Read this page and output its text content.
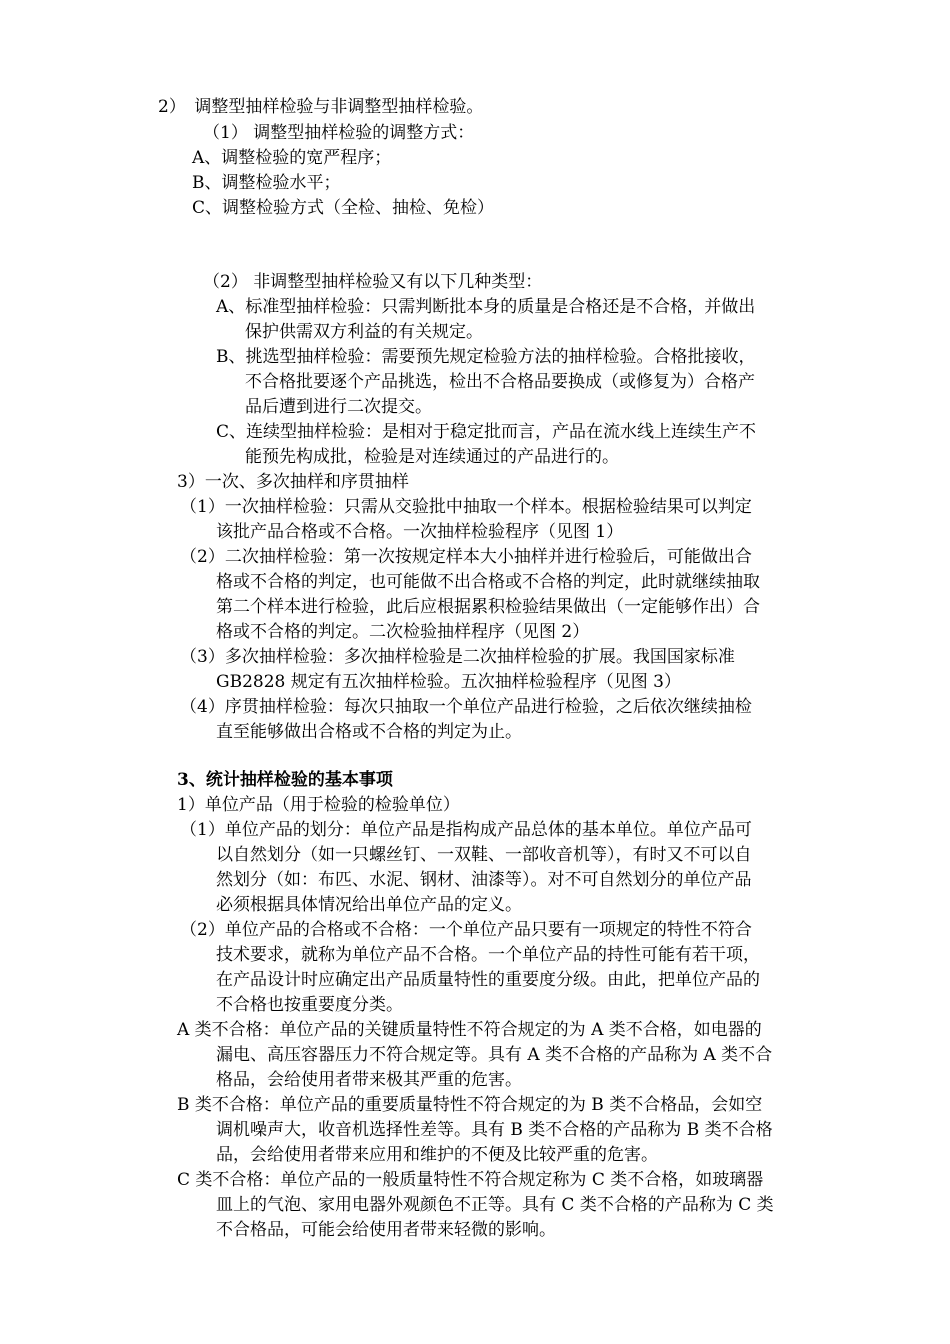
2）　调整型抽样检验与非调整型抽样检验。
（1） 调整型抽样检验的调整方式：
A、调整检验的宽严程序；
B、调整检验水平；
C、调整检验方式（全检、抽检、免检）
（2） 非调整型抽样检验又有以下几种类型：
A、标准型抽样检验：只需判断批本身的质量是合格还是不合格，并做出
保护供需双方利益的有关规定。
B、挑选型抽样检验：需要预先规定检验方法的抽样检验。合格批接收，
不合格批要逐个产品挑选，检出不合格品要换成（或修复为）合格产
品后遭到进行二次提交。
C、连续型抽样检验：是相对于稳定批而言，产品在流水线上连续生产不
能预先构成批，检验是对连续通过的产品进行的。
3）一次、多次抽样和序贯抽样
（1）一次抽样检验：只需从交验批中抽取一个样本。根据检验结果可以判定
该批产品合格或不合格。一次抽样检验程序（见图 1）
（2）二次抽样检验：第一次按规定样本大小抽样并进行检验后，可能做出合
格或不合格的判定，也可能做不出合格或不合格的判定，此时就继续抽取
第二个样本进行检验，此后应根据累积检验结果做出（一定能够作出）合
格或不合格的判定。二次检验抽样程序（见图 2）
（3）多次抽样检验：多次抽样检验是二次抽样检验的扩展。我国国家标准
GB2828 规定有五次抽样检验。五次抽样检验程序（见图 3）
（4）序贯抽样检验：每次只抽取一个单位产品进行检验，之后依次继续抽检
直至能够做出合格或不合格的判定为止。
3、统计抽样检验的基本事项
1）单位产品（用于检验的检验单位）
（1）单位产品的划分：单位产品是指构成产品总体的基本单位。单位产品可
以自然划分（如一只螺丝钉、一双鞋、一部收音机等），有时又不可以自
然划分（如：布匹、水泥、钢材、油漆等）。对不可自然划分的单位产品
必须根据具体情况给出单位产品的定义。
（2）单位产品的合格或不合格：一个单位产品只要有一项规定的特性不符合
技术要求，就称为单位产品不合格。一个单位产品的持性可能有若干项，
在产品设计时应确定出产品质量特性的重要度分级。由此，把单位产品的
不合格也按重要度分类。
A 类不合格：单位产品的关键质量特性不符合规定的为 A 类不合格，如电器的
漏电、高压容器压力不符合规定等。具有 A 类不合格的产品称为 A 类不合
格品，会给使用者带来极其严重的危害。
B 类不合格：单位产品的重要质量特性不符合规定的为 B 类不合格品，会如空
调机噪声大，收音机选择性差等。具有 B 类不合格的产品称为 B 类不合格
品，会给使用者带来应用和维护的不便及比较严重的危害。
C 类不合格：单位产品的一般质量特性不符合规定称为 C 类不合格，如玻璃器
皿上的气泡、家用电器外观颜色不正等。具有 C 类不合格的产品称为 C 类
不合格品，可能会给使用者带来轻微的影响。
